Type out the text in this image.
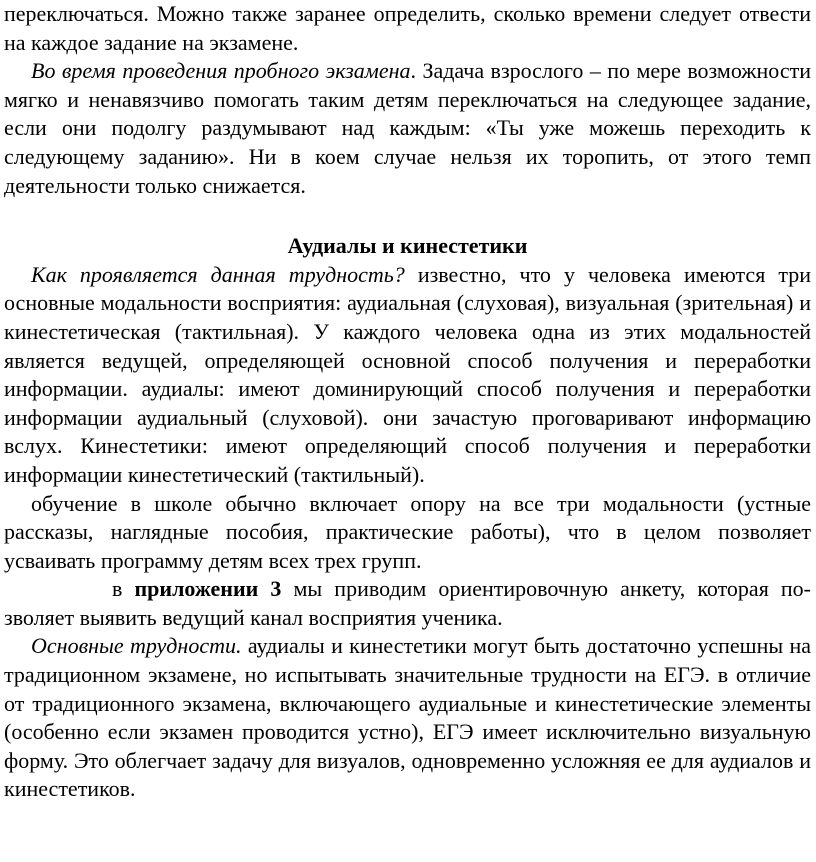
переключаться. Можно также заранее определить, сколько времени следует отвести на каждое задание на экзамене.

Во время проведения пробного экзамена. Задача взрослого – по мере возможности мягко и ненавязчиво помогать таким детям переключаться на следующее задание, если они подолгу раздумывают над каждым: «Ты уже можешь переходить к следующему заданию». Ни в коем случае нельзя их торопить, от этого темп деятельности только снижается.

Аудиалы и кинестетики

Как проявляется данная трудность? известно, что у человека имеются три основные модальности восприятия: аудиальная (слуховая), визуальная (зрительная) и кинестетическая (тактильная). У каждого человека одна из этих модальностей является ведущей, определяющей основной способ получения и переработки информации. аудиалы: имеют доминирующий способ получения и переработки информации аудиальный (слуховой). они зачастую проговаривают информацию вслух. Кинестетики: имеют определяющий способ получения и переработки информации кинестетический (тактильный).

обучение в школе обычно включает опору на все три модальности (устные рассказы, наглядные пособия, практические работы), что в целом позволяет усваивать программу детям всех трех групп.

в приложении 3 мы приводим ориентировочную анкету, которая по-зволяет выявить ведущий канал восприятия ученика.

Основные трудности. аудиалы и кинестетики могут быть достаточно успешны на традиционном экзамене, но испытывать значительные трудности на ЕГЭ. в отличие от традиционного экзамена, включающего аудиальные и кинестетические элементы (особенно если экзамен проводится устно), ЕГЭ имеет исключительно визуальную форму. Это облегчает задачу для визуалов, одновременно усложняя ее для аудиалов и кинестетиков.
